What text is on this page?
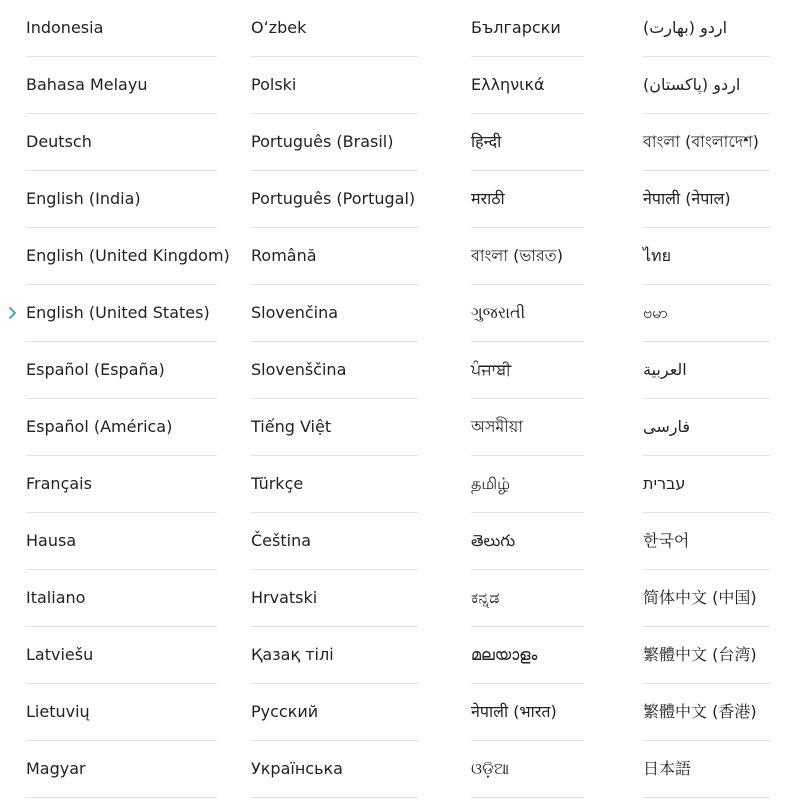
Indonesia
Bahasa Melayu
Deutsch
English (India)
English (United Kingdom)
English (United States)
Español (España)
Español (América)
Français
Hausa
Italiano
Latviešu
Lietuvių
Magyar
Oʻzbek
Polski
Português (Brasil)
Português (Portugal)
Română
Slovenčina
Slovenščina
Tiếng Việt
Türkçe
Čeština
Hrvatski
Қазақ тілі
Русский
Українська
Български
Ελληνικά
हिन्दी
मराठी
বাংলা (ভারত)
ગુજરાતી
ਪੰਜਾਬੀ
অসমীয়া
தமிழ்
తెలుగు
ಕನ್ನಡ
മലയാളം
नेपाली (भारत)
ଓଡ଼ିଆ
اردو (بھارت)
اردو (پاکستان)
বাংলা (বাংলাদেশ)
नेपाली (नेपाल)
ไทย
ဗမာ
العربية
فارسی
עברית
한국어
简体中文 (中国)
繁體中文 (台湾)
繁體中文 (香港)
日本語
